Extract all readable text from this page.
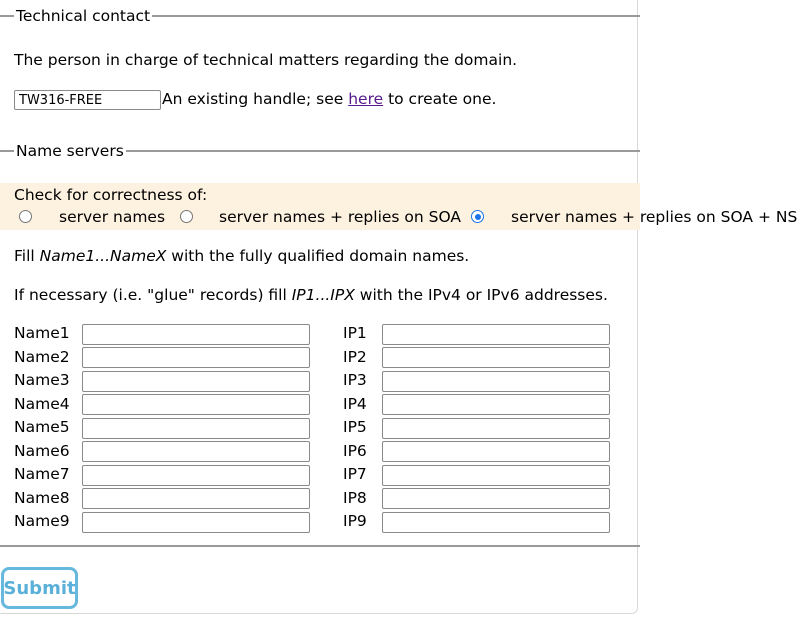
Technical contact
The person in charge of technical matters regarding the domain.
TW316-FREE
An existing handle; see here to create one.
Name servers
Check for correctness of:
server names	server names + replies on SOA	server names + replies on SOA + NS
Fill Name1...NameX with the fully qualified domain names.
If necessary (i.e. "glue" records) fill IP1...IPX with the IPv4 or IPv6 addresses.
Name1	IP1
Name2	IP2
Name3	IP3
Name4	IP4
Name5	IP5
Name6	IP6
Name7	IP7
Name8	IP8
Name9	IP9
Submit
